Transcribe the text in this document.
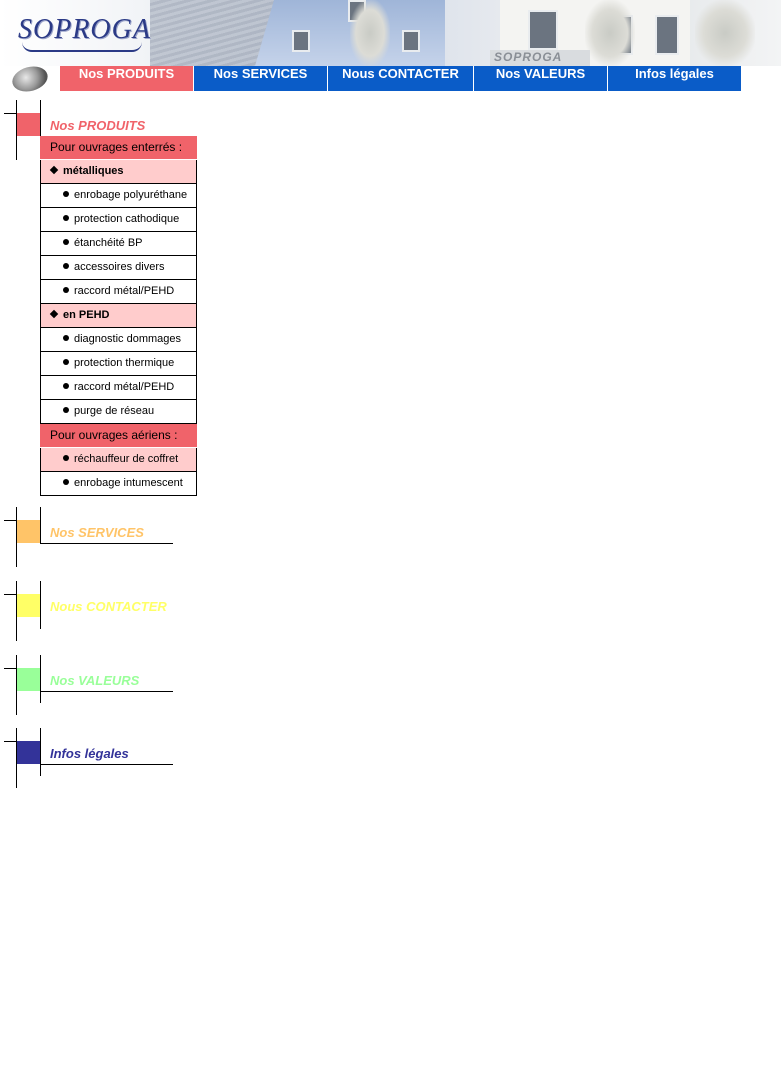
SOPROGA
SOPROGA
Nos PRODUITS	Nos SERVICES	Nous CONTACTER	Nos VALEURS	Infos légales
Nos PRODUITS
Pour ouvrages enterrés :
métalliques
enrobage polyuréthane
protection cathodique
étanchéité BP
accessoires divers
raccord métal/PEHD
en PEHD
diagnostic dommages
protection thermique
raccord métal/PEHD
purge de réseau
Pour ouvrages aériens :
réchauffeur de coffret
enrobage intumescent
Nos SERVICES
Nous CONTACTER
Nos VALEURS
Infos légales
